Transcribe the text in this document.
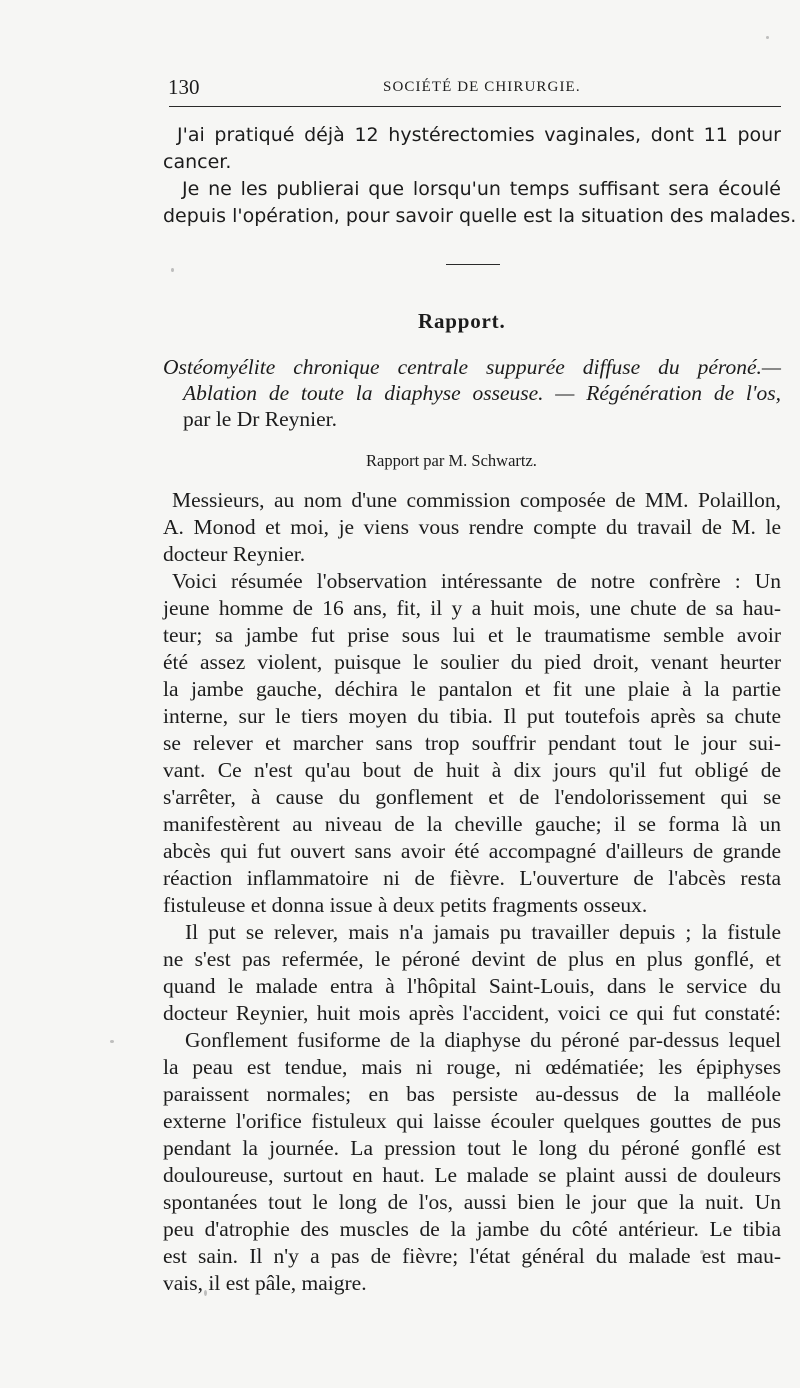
130	SOCIÉTÉ DE CHIRURGIE.
J'ai pratiqué déjà 12 hystérectomies vaginales, dont 11 pour
cancer.
Je ne les publierai que lorsqu'un temps suffisant sera écoulé
depuis l'opération, pour savoir quelle est la situation des malades.
Rapport.
Ostéomyélite chronique centrale suppurée diffuse du péroné.—
Ablation de toute la diaphyse osseuse. — Régénération de l'os,
par le Dr Reynier.
Rapport par M. Schwartz.
Messieurs, au nom d'une commission composée de MM. Polaillon,
A. Monod et moi, je viens vous rendre compte du travail de M. le
docteur Reynier.
Voici résumée l'observation intéressante de notre confrère : Un
jeune homme de 16 ans, fit, il y a huit mois, une chute de sa hau-
teur; sa jambe fut prise sous lui et le traumatisme semble avoir
été assez violent, puisque le soulier du pied droit, venant heurter
la jambe gauche, déchira le pantalon et fit une plaie à la partie
interne, sur le tiers moyen du tibia. Il put toutefois après sa chute
se relever et marcher sans trop souffrir pendant tout le jour sui-
vant. Ce n'est qu'au bout de huit à dix jours qu'il fut obligé de
s'arrêter, à cause du gonflement et de l'endolorissement qui se
manifestèrent au niveau de la cheville gauche; il se forma là un
abcès qui fut ouvert sans avoir été accompagné d'ailleurs de grande
réaction inflammatoire ni de fièvre. L'ouverture de l'abcès resta
fistuleuse et donna issue à deux petits fragments osseux.
Il put se relever, mais n'a jamais pu travailler depuis ; la fistule
ne s'est pas refermée, le péroné devint de plus en plus gonflé, et
quand le malade entra à l'hôpital Saint-Louis, dans le service du
docteur Reynier, huit mois après l'accident, voici ce qui fut constaté:
Gonflement fusiforme de la diaphyse du péroné par-dessus lequel
la peau est tendue, mais ni rouge, ni œdématiée; les épiphyses
paraissent normales; en bas persiste au-dessus de la malléole
externe l'orifice fistuleux qui laisse écouler quelques gouttes de pus
pendant la journée. La pression tout le long du péroné gonflé est
douloureuse, surtout en haut. Le malade se plaint aussi de douleurs
spontanées tout le long de l'os, aussi bien le jour que la nuit. Un
peu d'atrophie des muscles de la jambe du côté antérieur. Le tibia
est sain. Il n'y a pas de fièvre; l'état général du malade est mau-
vais, il est pâle, maigre.
